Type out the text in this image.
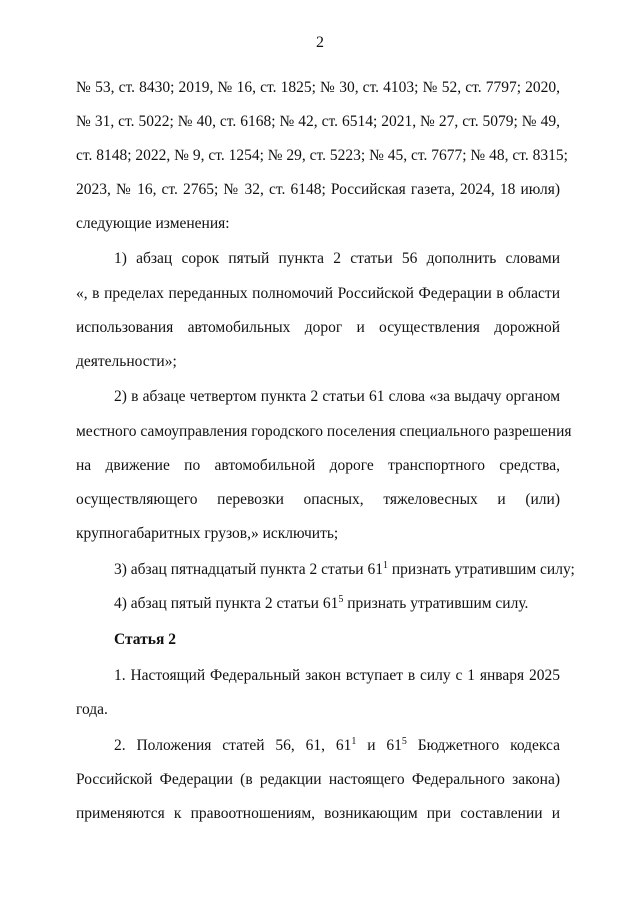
2
№ 53, ст. 8430; 2019, № 16, ст. 1825; № 30, ст. 4103; № 52, ст. 7797; 2020,
№ 31, ст. 5022; № 40, ст. 6168; № 42, ст. 6514; 2021, № 27, ст. 5079; № 49,
ст. 8148; 2022, № 9, ст. 1254; № 29, ст. 5223; № 45, ст. 7677; № 48, ст. 8315;
2023, № 16, ст. 2765; № 32, ст. 6148; Российская газета, 2024, 18 июля)
следующие изменения:
1) абзац сорок пятый пункта 2 статьи 56 дополнить словами
«, в пределах переданных полномочий Российской Федерации в области
использования автомобильных дорог и осуществления дорожной
деятельности»;
2) в абзаце четвертом пункта 2 статьи 61 слова «за выдачу органом
местного самоуправления городского поселения специального разрешения
на движение по автомобильной дороге транспортного средства,
осуществляющего перевозки опасных, тяжеловесных и (или)
крупногабаритных грузов,» исключить;
3) абзац пятнадцатый пункта 2 статьи $61^1$ признать утратившим силу;
4) абзац пятый пункта 2 статьи $61^5$ признать утратившим силу.
Статья 2
1. Настоящий Федеральный закон вступает в силу с 1 января 2025
года.
2. Положения статей 56, 61, $61^1$ и $61^5$ Бюджетного кодекса
Российской Федерации (в редакции настоящего Федерального закона)
применяются к правоотношениям, возникающим при составлении и
